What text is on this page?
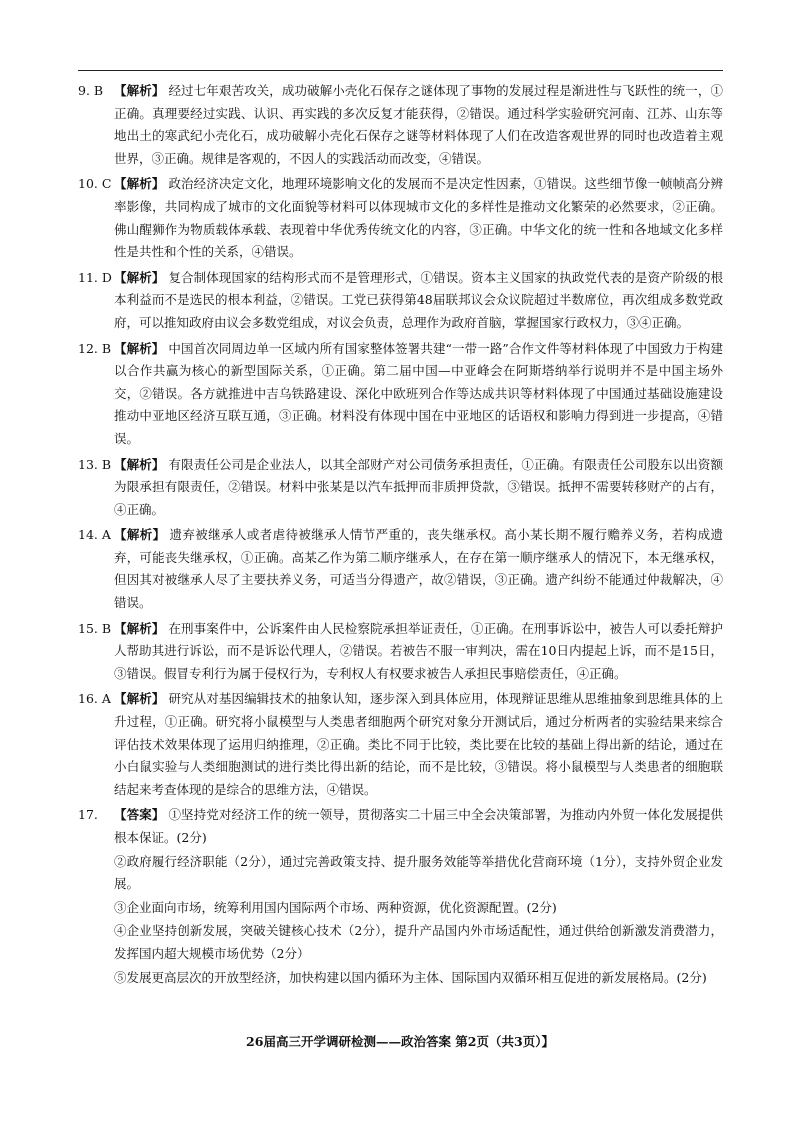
9. B 【解析】 经过七年艰苦攻关，成功破解小壳化石保存之谜体现了事物的发展过程是渐进性与飞跃性的统一，①正确。真理要经过实践、认识、再实践的多次反复才能获得，②错误。通过科学实验研究河南、江苏、山东等地出土的寒武纪小壳化石，成功破解小壳化石保存之谜等材料体现了人们在改造客观世界的同时也改造着主观世界，③正确。规律是客观的，不因人的实践活动而改变，④错误。
10. C 【解析】 政治经济决定文化，地理环境影响文化的发展而不是决定性因素，①错误。这些细节像一帧帧高分辨率影像，共同构成了城市的文化面貌等材料可以体现城市文化的多样性是推动文化繁荣的必然要求，②正确。佛山醒狮作为物质载体承载、表现着中华优秀传统文化的内容，③正确。中华文化的统一性和各地域文化多样性是共性和个性的关系，④错误。
11. D 【解析】 复合制体现国家的结构形式而不是管理形式，①错误。资本主义国家的执政党代表的是资产阶级的根本利益而不是选民的根本利益，②错误。工党已获得第48届联邦议会众议院超过半数席位，再次组成多数党政府，可以推知政府由议会多数党组成，对议会负责，总理作为政府首脑，掌握国家行政权力，③④正确。
12. B 【解析】 中国首次同周边单一区域内所有国家整体签署共建“一带一路”合作文件等材料体现了中国致力于构建以合作共赢为核心的新型国际关系，①正确。第二届中国—中亚峰会在阿斯塔纳举行说明并不是中国主场外交，②错误。各方就推进中吉乌铁路建设、深化中欧班列合作等达成共识等材料体现了中国通过基础设施建设推动中亚地区经济互联互通，③正确。材料没有体现中国在中亚地区的话语权和影响力得到进一步提高，④错误。
13. B 【解析】 有限责任公司是企业法人，以其全部财产对公司债务承担责任，①正确。有限责任公司股东以出资额为限承担有限责任，②错误。材料中张某是以汽车抵押而非质押贷款，③错误。抵押不需要转移财产的占有，④正确。
14. A 【解析】 遗弃被继承人或者虐待被继承人情节严重的，丧失继承权。高小某长期不履行赡养义务，若构成遗弃，可能丧失继承权，①正确。高某乙作为第二顺序继承人，在存在第一顺序继承人的情况下，本无继承权，但因其对被继承人尽了主要扶养义务，可适当分得遗产，故②错误，③正确。遗产纠纷不能通过仲裁解决，④错误。
15. B 【解析】 在刑事案件中，公诉案件由人民检察院承担举证责任，①正确。在刑事诉讼中，被告人可以委托辩护人帮助其进行诉讼，而不是诉讼代理人，②错误。若被告不服一审判决，需在10日内提起上诉，而不是15日，③错误。假冒专利行为属于侵权行为，专利权人有权要求被告人承担民事赔偿责任，④正确。
16. A 【解析】 研究从对基因编辑技术的抽象认知，逐步深入到具体应用，体现辩证思维从思维抽象到思维具体的上升过程，①正确。研究将小鼠模型与人类患者细胞两个研究对象分开测试后，通过分析两者的实验结果来综合评估技术效果体现了运用归纳推理，②正确。类比不同于比较，类比要在比较的基础上得出新的结论，通过在小白鼠实验与人类细胞测试的进行类比得出新的结论，而不是比较，③错误。将小鼠模型与人类患者的细胞联结起来考查体现的是综合的思维方法，④错误。
17.	【答案】 ①坚持党对经济工作的统一领导，贯彻落实二十届三中全会决策部署，为推动内外贸一体化发展提供根本保证。(2分)
②政府履行经济职能（2分），通过完善政策支持、提升服务效能等举措优化营商环境（1分），支持外贸企业发展。
③企业面向市场，统筹利用国内国际两个市场、两种资源，优化资源配置。(2分)
④企业坚持创新发展，突破关键核心技术（2分），提升产品国内外市场适配性，通过供给创新激发消费潜力，发挥国内超大规模市场优势（2分）
⑤发展更高层次的开放型经济，加快构建以国内循环为主体、国际国内双循环相互促进的新发展格局。(2分)
26届高三开学调研检测——政治答案 第2页（共3页）】
